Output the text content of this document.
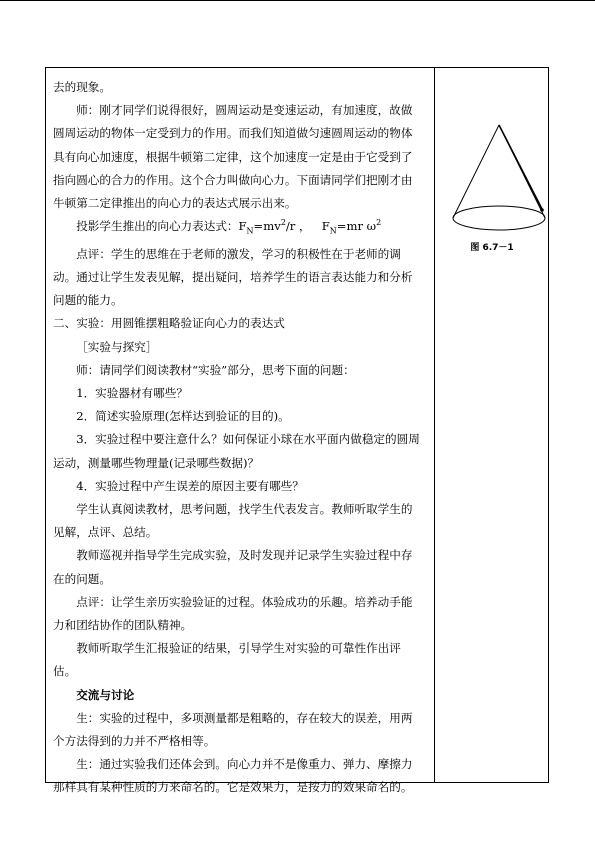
去的现象。

师：刚才同学们说得很好，圆周运动是变速运动，有加速度，故做

圆周运动的物体一定受到力的作用。而我们知道做匀速圆周运动的物体

具有向心加速度，根据牛顿第二定律，这个加速度一定是由于它受到了

指向圆心的合力的作用。这个合力叫做向心力。下面请同学们把刚才由

牛顿第二定律推出的向心力的表达式展示出来。

投影学生推出的向心力表达式：$F_N=mv^2/r$ ， $F_N=mr$ $\omega^2$

点评：学生的思维在于老师的激发，学习的积极性在于老师的调

动。通过让学生发表见解，提出疑问，培养学生的语言表达能力和分析

问题的能力。

二、实验：用圆锥摆粗略验证向心力的表达式

［实验与探究］

师：请同学们阅读教材“实验”部分，思考下面的问题：

1．实验器材有哪些？

2．简述实验原理(怎样达到验证的目的)。

3．实验过程中要注意什么？如何保证小球在水平面内做稳定的圆周

运动，测量哪些物理量(记录哪些数据)？

4．实验过程中产生误差的原因主要有哪些？

学生认真阅读教材，思考问题，找学生代表发言。教师听取学生的

见解，点评、总结。

教师巡视并指导学生完成实验，及时发现并记录学生实验过程中存

在的问题。

点评：让学生亲历实验验证的过程。体验成功的乐趣。培养动手能

力和团结协作的团队精神。

教师听取学生汇报验证的结果，引导学生对实验的可靠性作出评

估。

交流与讨论

生：实验的过程中，多项测量都是粗略的，存在较大的误差，用两

个方法得到的力并不严格相等。

生：通过实验我们还体会到。向心力并不是像重力、弹力、摩擦力

那样具有某种性质的力来命名的。它是效果力，是按力的效果命名的。

图 6.7－1
